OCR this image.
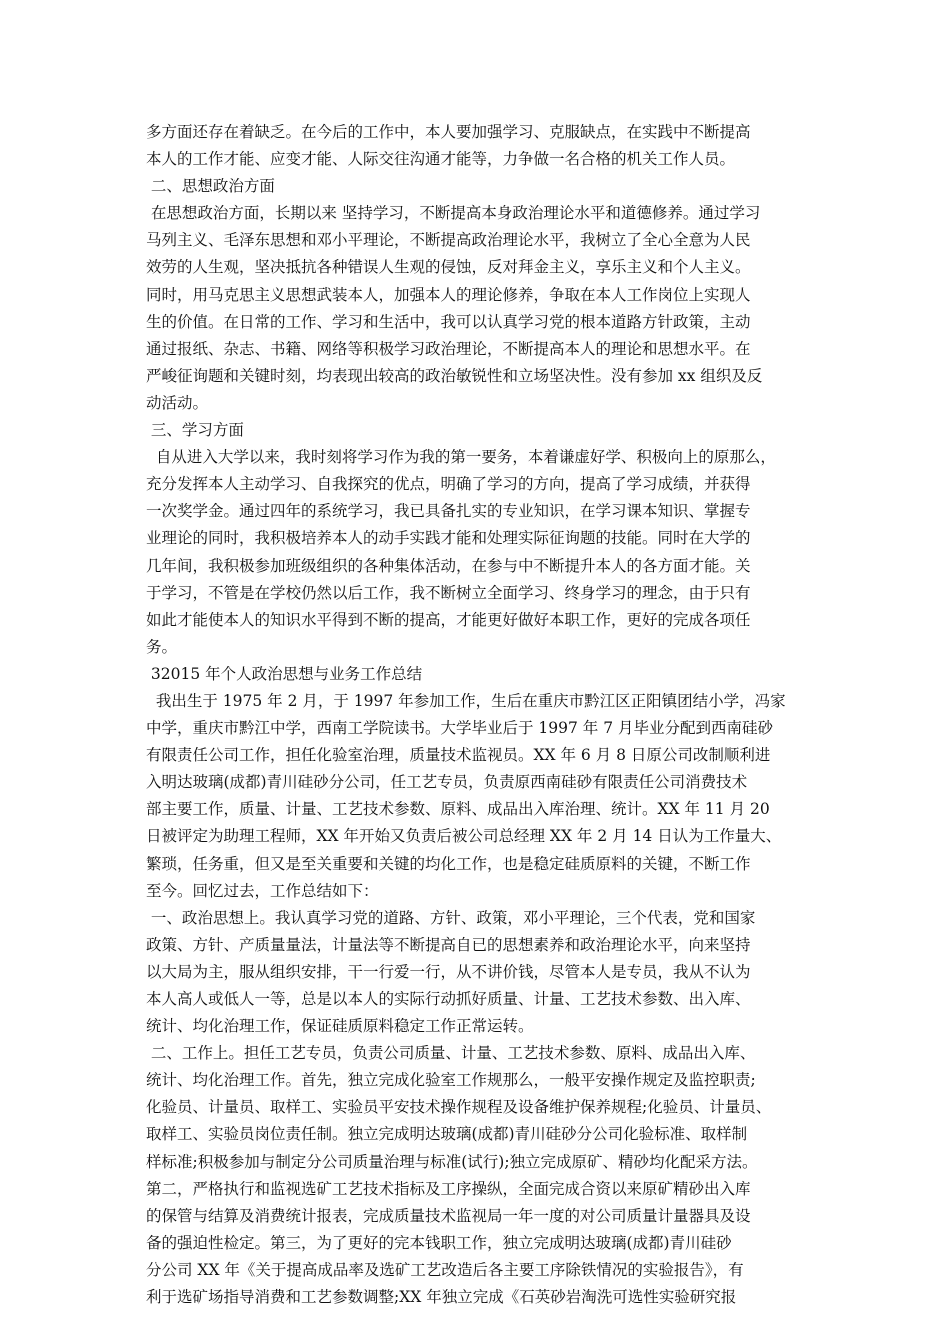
多方面还存在着缺乏。在今后的工作中，本人要加强学习、克服缺点，在实践中不断提高
本人的工作才能、应变才能、人际交往沟通才能等，力争做一名合格的机关工作人员。
二、思想政治方面
在思想政治方面，长期以来 坚持学习，不断提高本身政治理论水平和道德修养。通过学习
马列主义、毛泽东思想和邓小平理论，不断提高政治理论水平，我树立了全心全意为人民
效劳的人生观，坚决抵抗各种错误人生观的侵蚀，反对拜金主义，享乐主义和个人主义。
同时，用马克思主义思想武装本人，加强本人的理论修养，争取在本人工作岗位上实现人
生的价值。在日常的工作、学习和生活中，我可以认真学习党的根本道路方针政策，主动
通过报纸、杂志、书籍、网络等积极学习政治理论，不断提高本人的理论和思想水平。在
严峻征询题和关键时刻，均表现出较高的政治敏锐性和立场坚决性。没有参加 xx 组织及反
动活动。
三、学习方面
自从进入大学以来，我时刻将学习作为我的第一要务，本着谦虚好学、积极向上的原那么，
充分发挥本人主动学习、自我探究的优点，明确了学习的方向，提高了学习成绩，并获得
一次奖学金。通过四年的系统学习，我已具备扎实的专业知识，在学习课本知识、掌握专
业理论的同时，我积极培养本人的动手实践才能和处理实际征询题的技能。同时在大学的
几年间，我积极参加班级组织的各种集体活动，在参与中不断提升本人的各方面才能。关
于学习，不管是在学校仍然以后工作，我不断树立全面学习、终身学习的理念，由于只有
如此才能使本人的知识水平得到不断的提高，才能更好做好本职工作，更好的完成各项任
务。
32015 年个人政治思想与业务工作总结
我出生于 1975 年 2 月，于 1997 年参加工作，生后在重庆市黔江区正阳镇团结小学，冯家
中学，重庆市黔江中学，西南工学院读书。大学毕业后于 1997 年 7 月毕业分配到西南硅砂
有限责任公司工作，担任化验室治理，质量技术监视员。XX 年 6 月 8 日原公司改制顺利进
入明达玻璃(成都)青川硅砂分公司，任工艺专员，负责原西南硅砂有限责任公司消费技术
部主要工作，质量、计量、工艺技术参数、原料、成品出入库治理、统计。XX 年 11 月 20
日被评定为助理工程师，XX 年开始又负责后被公司总经理 XX 年 2 月 14 日认为工作量大、
繁琐，任务重，但又是至关重要和关键的均化工作，也是稳定硅质原料的关键，不断工作
至今。回忆过去，工作总结如下：
一、政治思想上。我认真学习党的道路、方针、政策，邓小平理论，三个代表，党和国家
政策、方针、产质量量法，计量法等不断提高自已的思想素养和政治理论水平，向来坚持
以大局为主，服从组织安排，干一行爱一行，从不讲价钱，尽管本人是专员，我从不认为
本人高人或低人一等，总是以本人的实际行动抓好质量、计量、工艺技术参数、出入库、
统计、均化治理工作，保证硅质原料稳定工作正常运转。
二、工作上。担任工艺专员，负责公司质量、计量、工艺技术参数、原料、成品出入库、
统计、均化治理工作。首先，独立完成化验室工作规那么，一般平安操作规定及监控职责;
化验员、计量员、取样工、实验员平安技术操作规程及设备维护保养规程;化验员、计量员、
取样工、实验员岗位责任制。独立完成明达玻璃(成都)青川硅砂分公司化验标准、取样制
样标准;积极参加与制定分公司质量治理与标准(试行);独立完成原矿、精砂均化配采方法。
第二，严格执行和监视选矿工艺技术指标及工序操纵，全面完成合资以来原矿精砂出入库
的保管与结算及消费统计报表，完成质量技术监视局一年一度的对公司质量计量器具及设
备的强迫性检定。第三，为了更好的完本钱职工作，独立完成明达玻璃(成都)青川硅砂
分公司 XX 年《关于提高成品率及选矿工艺改造后各主要工序除铁情况的实验报告》，有
利于选矿场指导消费和工艺参数调整;XX 年独立完成《石英砂岩淘洗可选性实验研究报
